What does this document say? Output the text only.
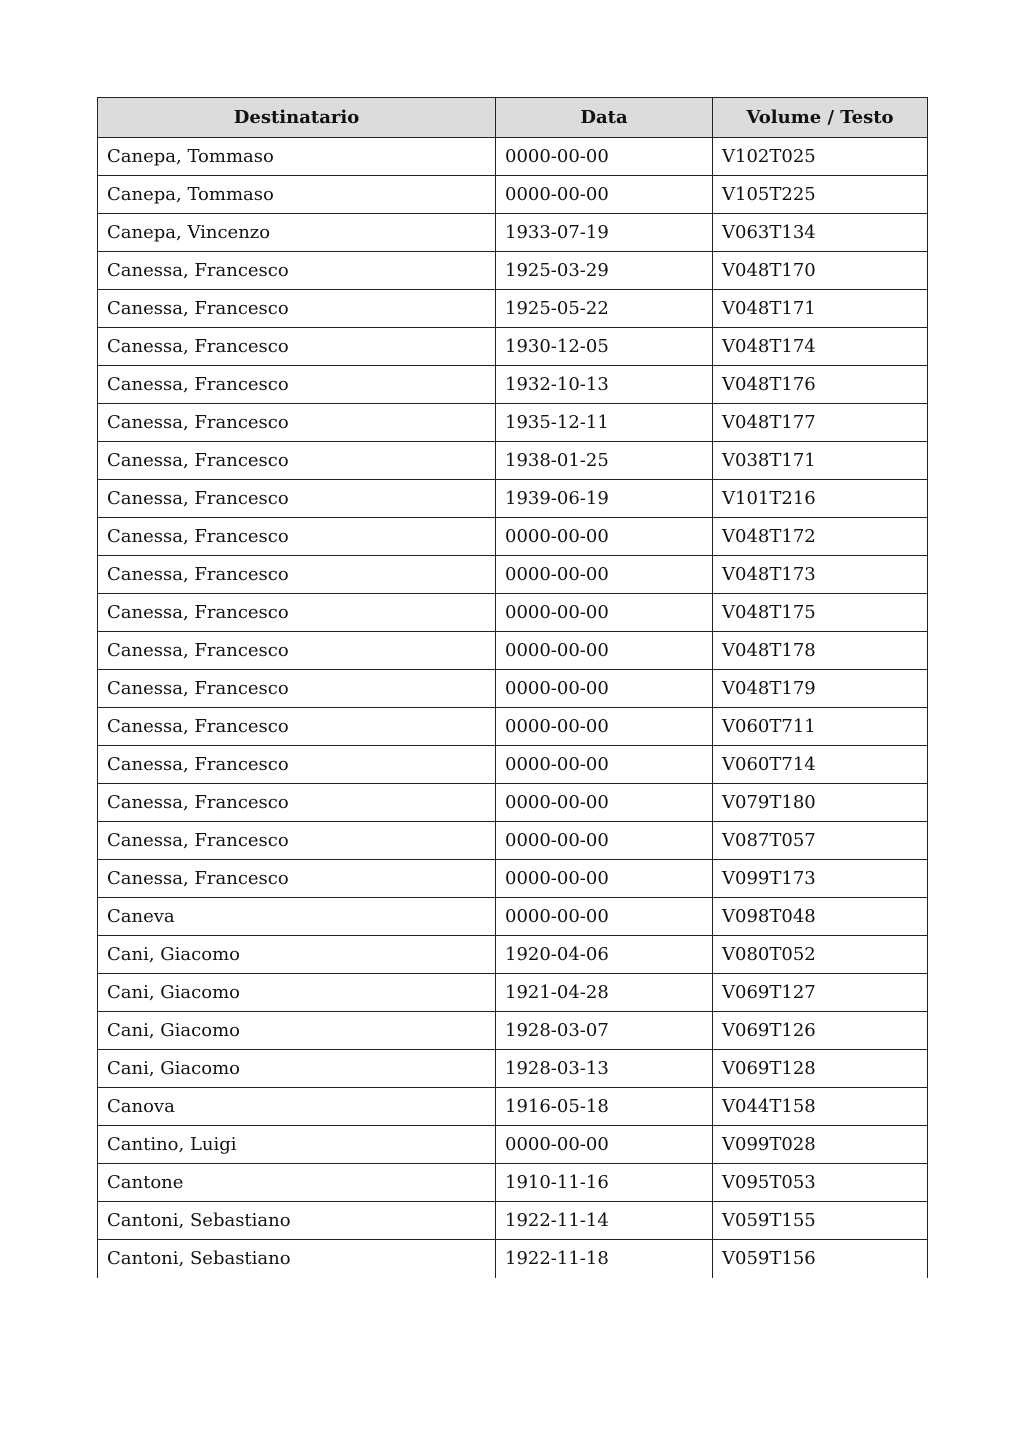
Destinatario	Data	Volume / Testo
Canepa, Tommaso	0000-00-00	V102T025
Canepa, Tommaso	0000-00-00	V105T225
Canepa, Vincenzo	1933-07-19	V063T134
Canessa, Francesco	1925-03-29	V048T170
Canessa, Francesco	1925-05-22	V048T171
Canessa, Francesco	1930-12-05	V048T174
Canessa, Francesco	1932-10-13	V048T176
Canessa, Francesco	1935-12-11	V048T177
Canessa, Francesco	1938-01-25	V038T171
Canessa, Francesco	1939-06-19	V101T216
Canessa, Francesco	0000-00-00	V048T172
Canessa, Francesco	0000-00-00	V048T173
Canessa, Francesco	0000-00-00	V048T175
Canessa, Francesco	0000-00-00	V048T178
Canessa, Francesco	0000-00-00	V048T179
Canessa, Francesco	0000-00-00	V060T711
Canessa, Francesco	0000-00-00	V060T714
Canessa, Francesco	0000-00-00	V079T180
Canessa, Francesco	0000-00-00	V087T057
Canessa, Francesco	0000-00-00	V099T173
Caneva	0000-00-00	V098T048
Cani, Giacomo	1920-04-06	V080T052
Cani, Giacomo	1921-04-28	V069T127
Cani, Giacomo	1928-03-07	V069T126
Cani, Giacomo	1928-03-13	V069T128
Canova	1916-05-18	V044T158
Cantino, Luigi	0000-00-00	V099T028
Cantone	1910-11-16	V095T053
Cantoni, Sebastiano	1922-11-14	V059T155
Cantoni, Sebastiano	1922-11-18	V059T156
